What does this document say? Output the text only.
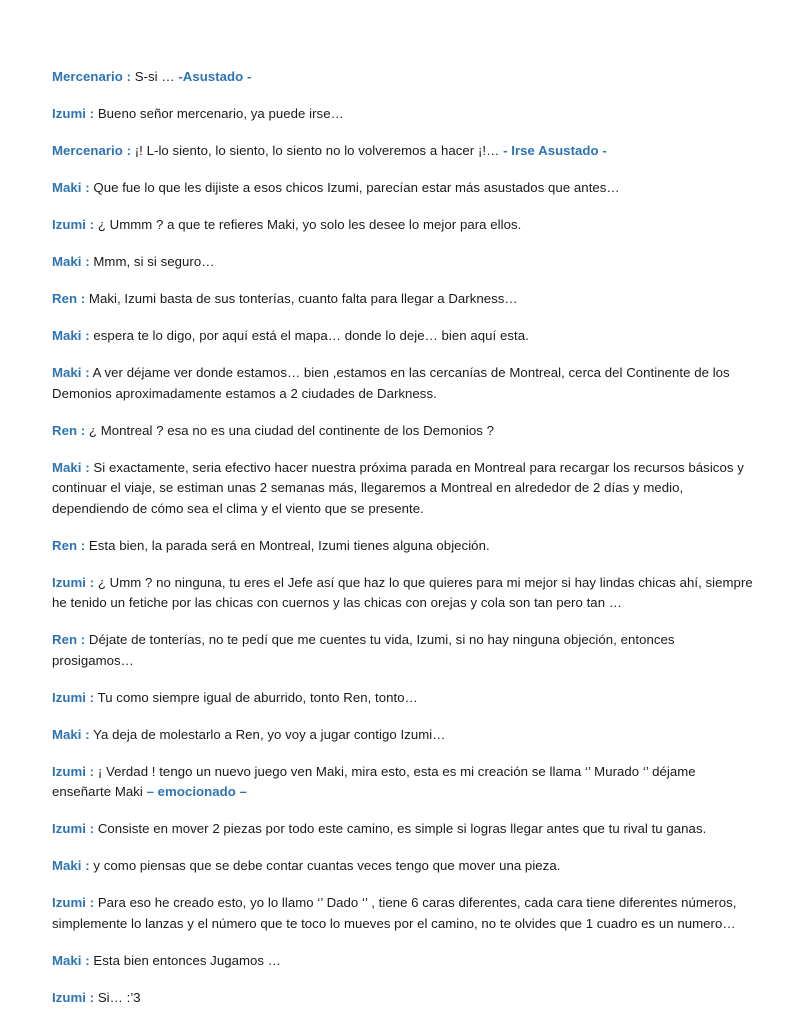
Mercenario : S-si … -Asustado -

Izumi : Bueno señor mercenario, ya puede irse…

Mercenario : ¡! L-lo siento, lo siento, lo siento no lo volveremos a hacer ¡!… - Irse Asustado -

Maki : Que fue lo que les dijiste a esos chicos Izumi, parecían estar más asustados que antes…

Izumi : ¿ Ummm ? a que te refieres Maki, yo solo les desee lo mejor para ellos.

Maki : Mmm, si si seguro…

Ren : Maki, Izumi basta de sus tonterías, cuanto falta para llegar a Darkness…

Maki : espera te lo digo, por aquí está el mapa… donde lo deje… bien aquí esta.

Maki : A ver déjame ver donde estamos… bien ,estamos en las cercanías de Montreal, cerca del Continente de los Demonios aproximadamente estamos a 2 ciudades de Darkness.

Ren : ¿ Montreal ? esa no es una ciudad del continente de los Demonios ?

Maki : Si exactamente, seria efectivo hacer nuestra próxima parada en Montreal para recargar los recursos básicos y continuar el viaje, se estiman unas 2 semanas más, llegaremos a Montreal en alrededor de 2 días y medio, dependiendo de cómo sea el clima y el viento que se presente.

Ren : Esta bien, la parada será en Montreal, Izumi tienes alguna objeción.

Izumi : ¿ Umm ? no ninguna, tu eres el Jefe así que haz lo que quieres para mi mejor si hay lindas chicas ahí, siempre he tenido un fetiche por las chicas con cuernos y las chicas con orejas y cola son tan pero tan …

Ren : Déjate de tonterías, no te pedí que me cuentes tu vida, Izumi, si no hay ninguna objeción, entonces prosigamos…

Izumi : Tu como siempre igual de aburrido, tonto Ren, tonto…

Maki : Ya deja de molestarlo a Ren, yo voy a jugar contigo Izumi…

Izumi : ¡ Verdad ! tengo un nuevo juego ven Maki, mira esto, esta es mi creación se llama ‘’ Murado ‘’ déjame enseñarte Maki – emocionado –

Izumi : Consiste en mover 2 piezas por todo este camino, es simple si logras llegar antes que tu rival tu ganas.

Maki : y como piensas que se debe contar cuantas veces tengo que mover una pieza.

Izumi : Para eso he creado esto, yo lo llamo ‘’ Dado ‘’ , tiene 6 caras diferentes, cada cara tiene diferentes números, simplemente lo lanzas y el número que te toco lo mueves por el camino, no te olvides que 1 cuadro es un numero…

Maki : Esta bien entonces Jugamos …

Izumi : Si… :’3
